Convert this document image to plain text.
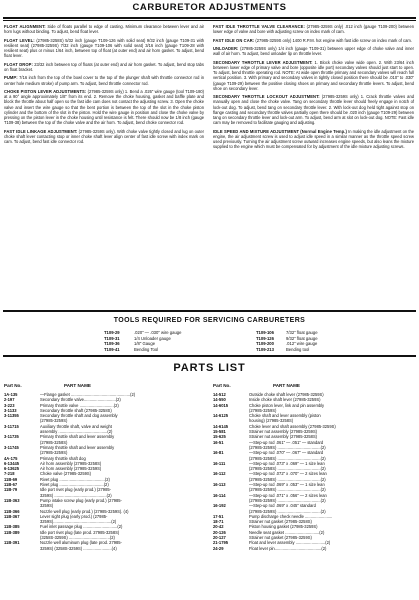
CARBURETOR ADJUSTMENTS

FLOAT ALIGNMENT: Side of floats parallel to edge of casting. Minimum clearance between lever and air horn lugs without binding. To adjust, bend float lever.

FLOAT LEVEL: (27985-3258S) 5/32 inch (gauge T109-126 with solid seat) 9/32 inch (gauge T109-31 with resilient seat) (27985-3259S) 7/32 inch (gauge T109-106 with solid seat) 3/16 inch (gauge T109-28 with resilient seat) plus or minus 1/64 inch, between top of float (at outer end) and air horn gasket. To adjust, bend float lever.

FLOAT DROP: 23/32 inch between top of floats (at outer end) and air horn gasket. To adjust, bend stop tabs on float bracket.

PUMP: 7/16 inch from the top of the bowl cover to the top of the plunger shaft with throttle connector rod in center hole medium stroke) of pump arm. To adjust, bend throttle connector rod.

CHOKE PISTON LEVER ADJUSTMENTS: (27985-3259S only) 1. Bend a .026" wire gauge (tool T109-180) at a 90° angle approximately 1/8" from its end. 2. Remove the choke housing, gasket and baffle plate and block the throttle about half open so the fast idle cam does not contact the adjusting screw. 3. Open the choke valve and insert the wire gauge so that the bent portion is between the top of the slot in the choke piston cylinder and the bottom of the slot in the piston. Hold the wire gauge in position and close the choke valve by pressing on the piston lever in the choke housing until resistance is felt. There should now be 1/8 inch (gauge T109-38) between the top of the choke valve and the air horn. To adjust, bend choke connector rod.

FAST IDLE LINKAGE ADJUSTMENT: (27985-3259S only). With choke valve tightly closed and lug on outer choke shaft lever contacting stop or inner choke shaft lever align center of fast idle screw with index mark on cam. To adjust, bend fast idle connector rod.

FAST IDLE THROTTLE VALVE CLEARANCE: (27985-3259S only) .012 inch (gauge T109-200) between lower edge of valve and bore with adjusting screw on index mark of cam.

FAST IDLE ON CAR: (27985-3259S only) 1400 R.P.M. hot engine with fast idle screw on index mark of cam.

UNLOADER: (27985-3259S only) 1/4 inch (gauge T109-31) between upper edge of choke valve and inner wall of air horn. To adjust, bend unloader lip on throttle lever.

SECONDARY THROTTLE LEVER ADJUSTMENT: 1. Block choke valve wide open. 2. With 23/64 inch between lower edge of primary valve and bore (opposite idle port) secondary valves should just start to open. To adjust, bend throttle operating rod. NOTE: At wide open throttle primary and secondary valves will reach full vertical position. 3. With primary and secondary valves in tightly closed position there should be .010" to .030" (gauge T109-29) between the positive closing shoes on primary and secondary throttle levers. To adjust, bend shoe on secondary lever.

SECONDARY THROTTLE LOCKOUT ADJUSTMENT: (27985-3259S only) 1. Crack throttle valves and manually open and close the choke valve. Tang on secondary throttle lever should freely engage in notch of lock-out dog. To adjust, bend tang on secondary throttle lever. 2. With lock-out dog held tight against stop on flange casting and secondary throttle valves partially open there should be .020 inch (gauge T109-29) between tang on secondary throttle lever and lock-out arm. To adjust, bend arm at slot on lock-out dog. NOTE: Fast idle cam may be removed to facilitate gauging and adjusting.

IDLE SPEED AND MIXTURE ADJUSTMENT (Normal Engine Temp.) In making the idle adjustment on the engine, the air adjustment screw is used to adjust idle speed in a similar manner as the throttle speed screw used previously. Turning the air adjustment screw outward increases engine speeds, but also leans the mixture supplied to the engine which must be compensated for by adjustment of the idle mixture adjusting screws.

TOOLS REQUIRED FOR SERVICING CARBURETERS
T109-29	.020" — .030" wire gauge
T109-31	1/4 Unloader gauge
T109-36	1/8" Gauge
T109-41	Bending Tool
T109-106	7/32" float gauge
T109-126	9/32" float gauge
T109-200	.012" wire gauge
T109-213	Bending tool
PARTS LIST
Part No.	PART NAME	Part No.	PART NAME
1A-135	—Flange gasket ....................................................(2)
2-197	Secondary throttle valve............................(2)
3-223	Primary throttle valve ..............................(2)
3-1133	Secondary throttle shaft (27985-3258S)
3-11355	Secondary throttle shaft and dog assembly
(27985-3259S)
3-11715	Auxiliary throttle shaft, valve and weight
assembly ...........................................(2)
3-11735	Primary throttle shaft and lever assembly
(27985-3258S)
3-11745	Primary throttle shaft and lever assembly
(27985-3259S)
4A-175	Primary throttle shaft dog
6-13445	Air horn assembly (27985-3258S)
6-13625	Air horn assembly (27985-3259S)
7-218	Choke valve (27985-3259S)
11B-69	Rivet plug ........................................(2)
11B-67	Rivet plug .......................................(2)
11B-79	Idle port rivet plug (early prod.) (27985-
3259S) ..............................................(2)
11B-363	Pump intake screw plug (early prod.) (27985-
3259S)
11B-366	Nozzle well plug (early prod.) (27985-3259S). (4)
11B-367	Lever sight plug (early prod.) (27985-
3259S)...................................................(2)
11B-385	Fuel inlet passage plug ..............................(2)
11B-389	Idle port rivet plug (late prod. 27985-3258S)
(3258S-3259S) ....................................(2)
11B-391	Nozzle well aluminum plug (late prod. 27985-
3259S) (3258S-3259S) .........................(4)
14-512	Outside choke shaft lever (27985-3259S)
14-550	Inside choke shaft lever (27985-3259S)
14-6015	Choke piston lever, link and pin assembly
(27985-3259S)
14-6125	Choke shaft and lever assembly (piston
housing) (27985-3258S)
14-6145	Choke lever and shaft assembly (27985-3259S)
15-581	Strainer nut assembly (27985-3259S)
15-625	Strainer nut assembly (27985-3258S)
16-51	—Step-up rod .061" — .051" — standard
(27985-3259S) ......................................(2)
16-81	—Step-up rod .070" — .067" — standard
(27985-3258S) ......................................(2)
16-111	—Step-up rod .073" x .069" — 1 size lean
(27985-3258S) ......................................(2)
16-112	—Step-up rod .072" x .070" — 2 sizes lean
(27985-3258S) ......................................(2)
16-113	—Step-up rod .069" x .053" — 1 size lean
(27985-3259S) ......................................(2)
16-114	—Step-up rod .071" x .056" — 2 sizes lean
(27985-3259S) ......................................(2)
16-192	—Step-up rod .069" x .045" standard
(27985-3259S) ......................................(2)
17-51	Pump discharge check needle ........................
18-71	Strainer nut gasket (27985-3258S)
20-42	Piston housing gasket (27985-3259S)
20-126	Needle seat gasket ..............................(2)
20-127	Strainer nut gasket (27985-3259S)
21-1795	Float and lever assembly ..........................(2)
24-29	Float lever pin.........................................(2)
